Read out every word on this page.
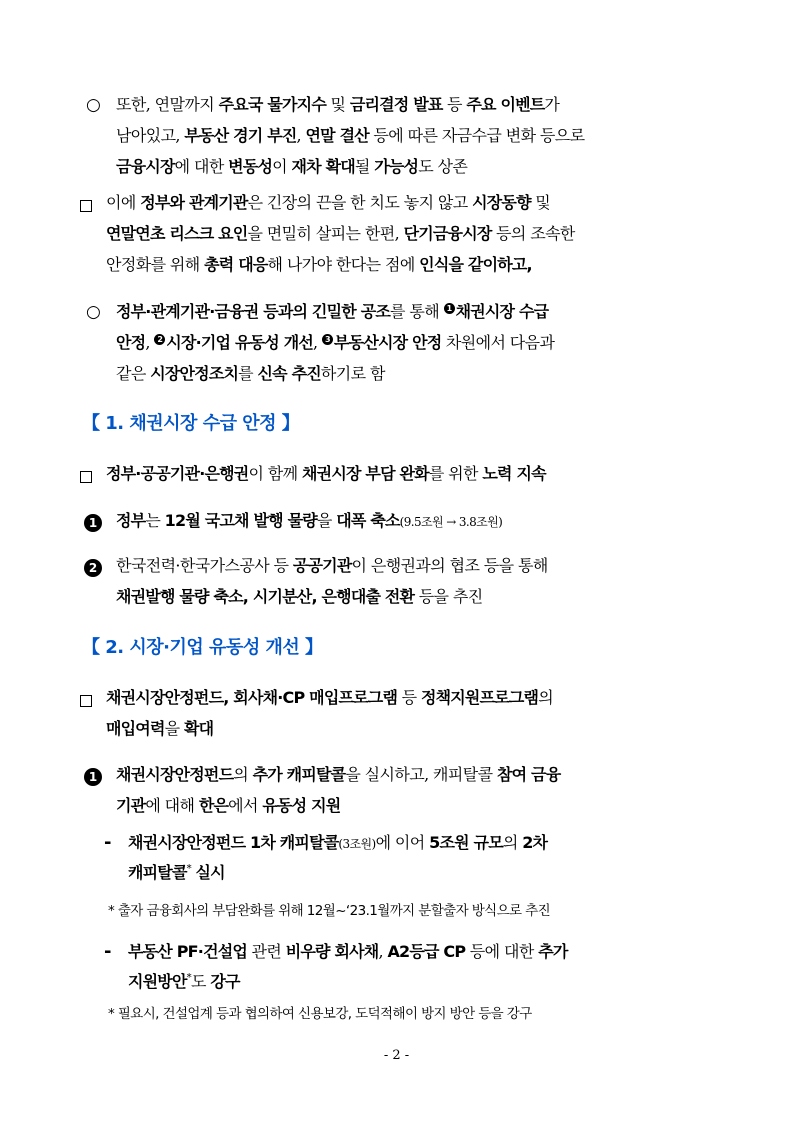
○ 또한, 연말까지 주요국 물가지수 및 금리결정 발표 등 주요 이벤트가
남아있고, 부동산 경기 부진, 연말 결산 등에 따른 자금수급 변화 등으로
금융시장에 대한 변동성이 재차 확대될 가능성도 상존
이에 정부와 관계기관은 긴장의 끈을 한 치도 놓지 않고 시장동향 및
연말연초 리스크 요인을 면밀히 살피는 한편, 단기금융시장 등의 조속한
안정화를 위해 총력 대응해 나가야 한다는 점에 인식을 같이하고,
○ 정부·관계기관·금융권 등과의 긴밀한 공조를 통해 1 채권시장 수급
안정, 2 시장·기업 유동성 개선, 3 부동산시장 안정 차원에서 다음과
같은 시장안정조치를 신속 추진하기로 함
【 1. 채권시장 수급 안정 】
정부·공공기관·은행권이 함께 채권시장 부담 완화를 위한 노력 지속
1	정부는 12월 국고채 발행 물량을 대폭 축소(9.5조원 → 3.8조원)
2	한국전력·한국가스공사 등 공공기관이 은행권과의 협조 등을 통해
채권발행 물량 축소, 시기분산, 은행대출 전환 등을 추진
【 2. 시장·기업 유동성 개선 】
채권시장안정펀드, 회사채·CP 매입프로그램 등 정책지원프로그램의
매입여력을 확대
1	채권시장안정펀드의 추가 캐피탈콜을 실시하고, 캐피탈콜 참여 금융
기관에 대해 한은에서 유동성 지원
- 채권시장안정펀드 1차 캐피탈콜(3조원)에 이어 5조원 규모의 2차
캐피탈콜* 실시
* 출자 금융회사의 부담완화를 위해 12월~‘23.1월까지 분할출자 방식으로 추진
- 부동산 PF·건설업 관련 비우량 회사채, A2등급 CP 등에 대한 추가
지원방안*도 강구
* 필요시, 건설업계 등과 협의하여 신용보강, 도덕적해이 방지 방안 등을 강구
- 2 -
